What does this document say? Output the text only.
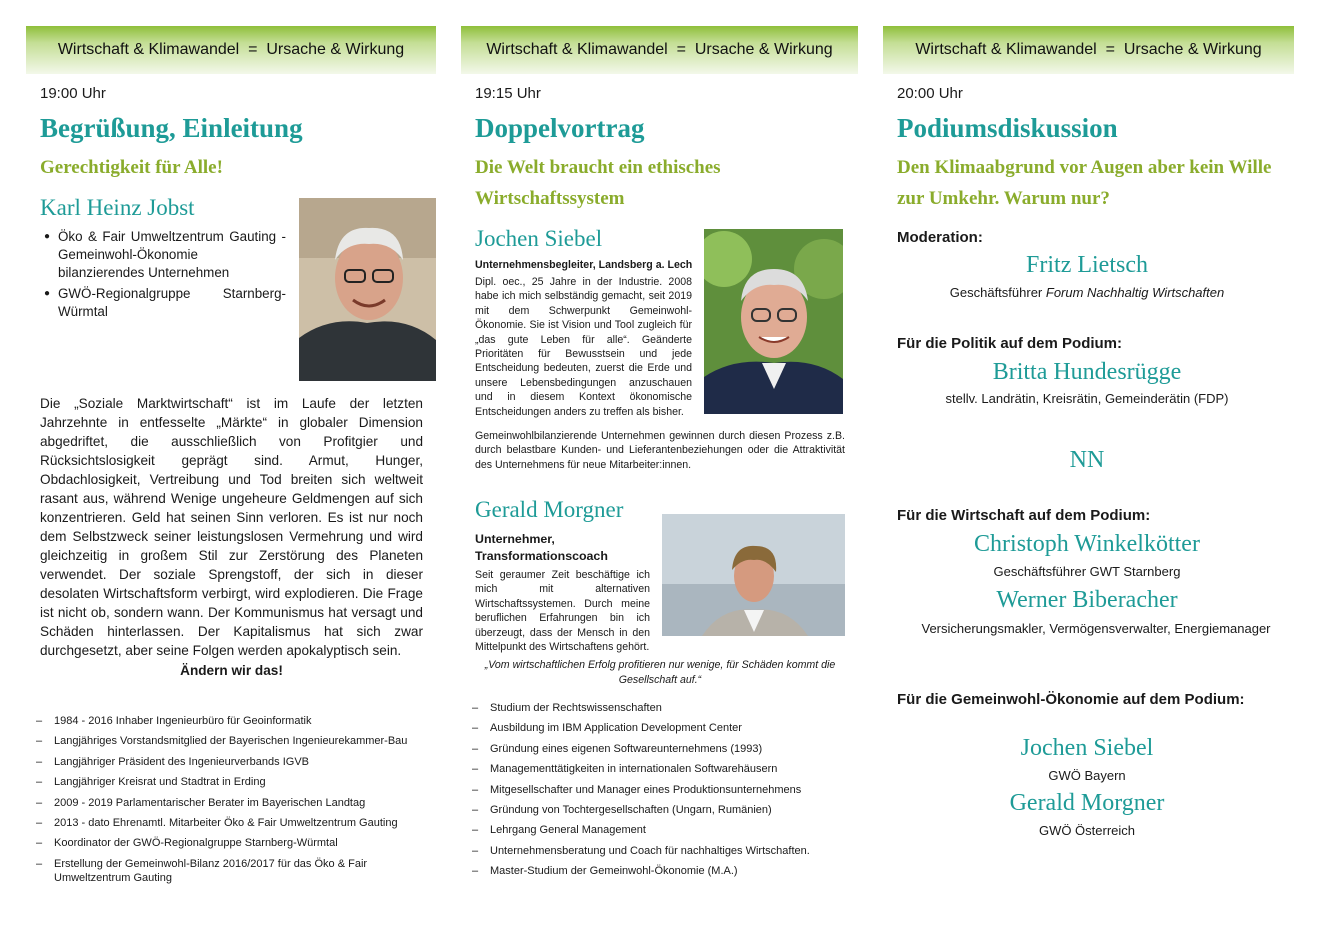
Wirtschaft & Klimawandel  =  Ursache & Wirkung
19:00 Uhr
Begrüßung, Einleitung
Gerechtigkeit für Alle!
Karl Heinz Jobst
● Öko & Fair Umweltzentrum Gauting - Gemeinwohl-Ökonomie bilanzierendes Unternehmen
● GWÖ-Regionalgruppe Starnberg-Würmtal
Die „Soziale Marktwirtschaft“ ist im Laufe der letzten Jahrzehnte in entfesselte „Märkte“ in globaler Dimension abgedriftet, die ausschließlich von Profitgier und Rücksichtslosigkeit geprägt sind. Armut, Hunger, Obdachlosigkeit, Vertreibung und Tod breiten sich weltweit rasant aus, während Wenige ungeheure Geldmengen auf sich konzentrieren. Geld hat seinen Sinn verloren. Es ist nur noch dem Selbstzweck seiner leistungslosen Vermehrung und wird gleichzeitig in großem Stil zur Zerstörung des Planeten verwendet. Der soziale Sprengstoff, der sich in dieser desolaten Wirtschaftsform verbirgt, wird explodieren. Die Frage ist nicht ob, sondern wann. Der Kommunismus hat versagt und Schäden hinterlassen. Der Kapitalismus hat sich zwar durchgesetzt, aber seine Folgen werden apokalyptisch sein.
Ändern wir das!
– 1984 - 2016 Inhaber Ingenieurbüro für Geoinformatik
– Langjähriges Vorstandsmitglied der Bayerischen Ingenieurekammer-Bau
– Langjähriger Präsident des Ingenieurverbands IGVB
– Langjähriger Kreisrat und Stadtrat in Erding
– 2009 - 2019 Parlamentarischer Berater im Bayerischen Landtag
– 2013 - dato Ehrenamtl. Mitarbeiter Öko & Fair Umweltzentrum Gauting
– Koordinator der GWÖ-Regionalgruppe Starnberg-Würmtal
– Erstellung der Gemeinwohl-Bilanz 2016/2017 für das Öko & Fair Umweltzentrum Gauting
Wirtschaft & Klimawandel  =  Ursache & Wirkung
19:15 Uhr
Doppelvortrag
Die Welt braucht ein ethisches Wirtschaftssystem
Jochen Siebel
Unternehmensbegleiter, Landsberg a. Lech
Dipl. oec., 25 Jahre in der Industrie. 2008 habe ich mich selbständig gemacht, seit 2019 mit dem Schwerpunkt Gemeinwohl-Ökonomie. Sie ist Vision und Tool zugleich für „das gute Leben für alle“. Geänderte Prioritäten für Bewusstsein und jede Entscheidung bedeuten, zuerst die Erde und unsere Lebensbedingungen anzuschauen und in diesem Kontext ökonomische Entscheidungen anders zu treffen als bisher.
Gemeinwohlbilanzierende Unternehmen gewinnen durch diesen Prozess z.B. durch belastbare Kunden- und Lieferantenbeziehungen oder die Attraktivität des Unternehmens für neue Mitarbeiter:innen.
Gerald Morgner
Unternehmer, Transformationscoach
Seit geraumer Zeit beschäftige ich mich mit alternativen Wirtschaftssystemen. Durch meine beruflichen Erfahrungen bin ich überzeugt, dass der Mensch in den Mittelpunkt des Wirtschaftens gehört.
„Vom wirtschaftlichen Erfolg profitieren nur wenige, für Schäden kommt die Gesellschaft auf.“
– Studium der Rechtswissenschaften
– Ausbildung im IBM Application Development Center
– Gründung eines eigenen Softwareunternehmens (1993)
– Managementtätigkeiten in internationalen Softwarehäusern
– Mitgesellschafter und Manager eines Produktionsunternehmens
– Gründung von Tochtergesellschaften (Ungarn, Rumänien)
– Lehrgang General Management
– Unternehmensberatung und Coach für nachhaltiges Wirtschaften.
– Master-Studium der Gemeinwohl-Ökonomie (M.A.)
Wirtschaft & Klimawandel  =  Ursache & Wirkung
20:00 Uhr
Podiumsdiskussion
Den Klimaabgrund vor Augen aber kein Wille zur Umkehr. Warum nur?
Moderation:
Fritz Lietsch
Geschäftsführer Forum Nachhaltig Wirtschaften
Für die Politik auf dem Podium:
Britta Hundesrügge
stellv. Landrätin, Kreisrätin, Gemeinderätin (FDP)
NN
Für die Wirtschaft auf dem Podium:
Christoph Winkelkötter
Geschäftsführer GWT Starnberg
Werner Biberacher
Versicherungsmakler, Vermögensverwalter, Energiemanager
Für die Gemeinwohl-Ökonomie auf dem Podium:
Jochen Siebel
GWÖ Bayern
Gerald Morgner
GWÖ Österreich
